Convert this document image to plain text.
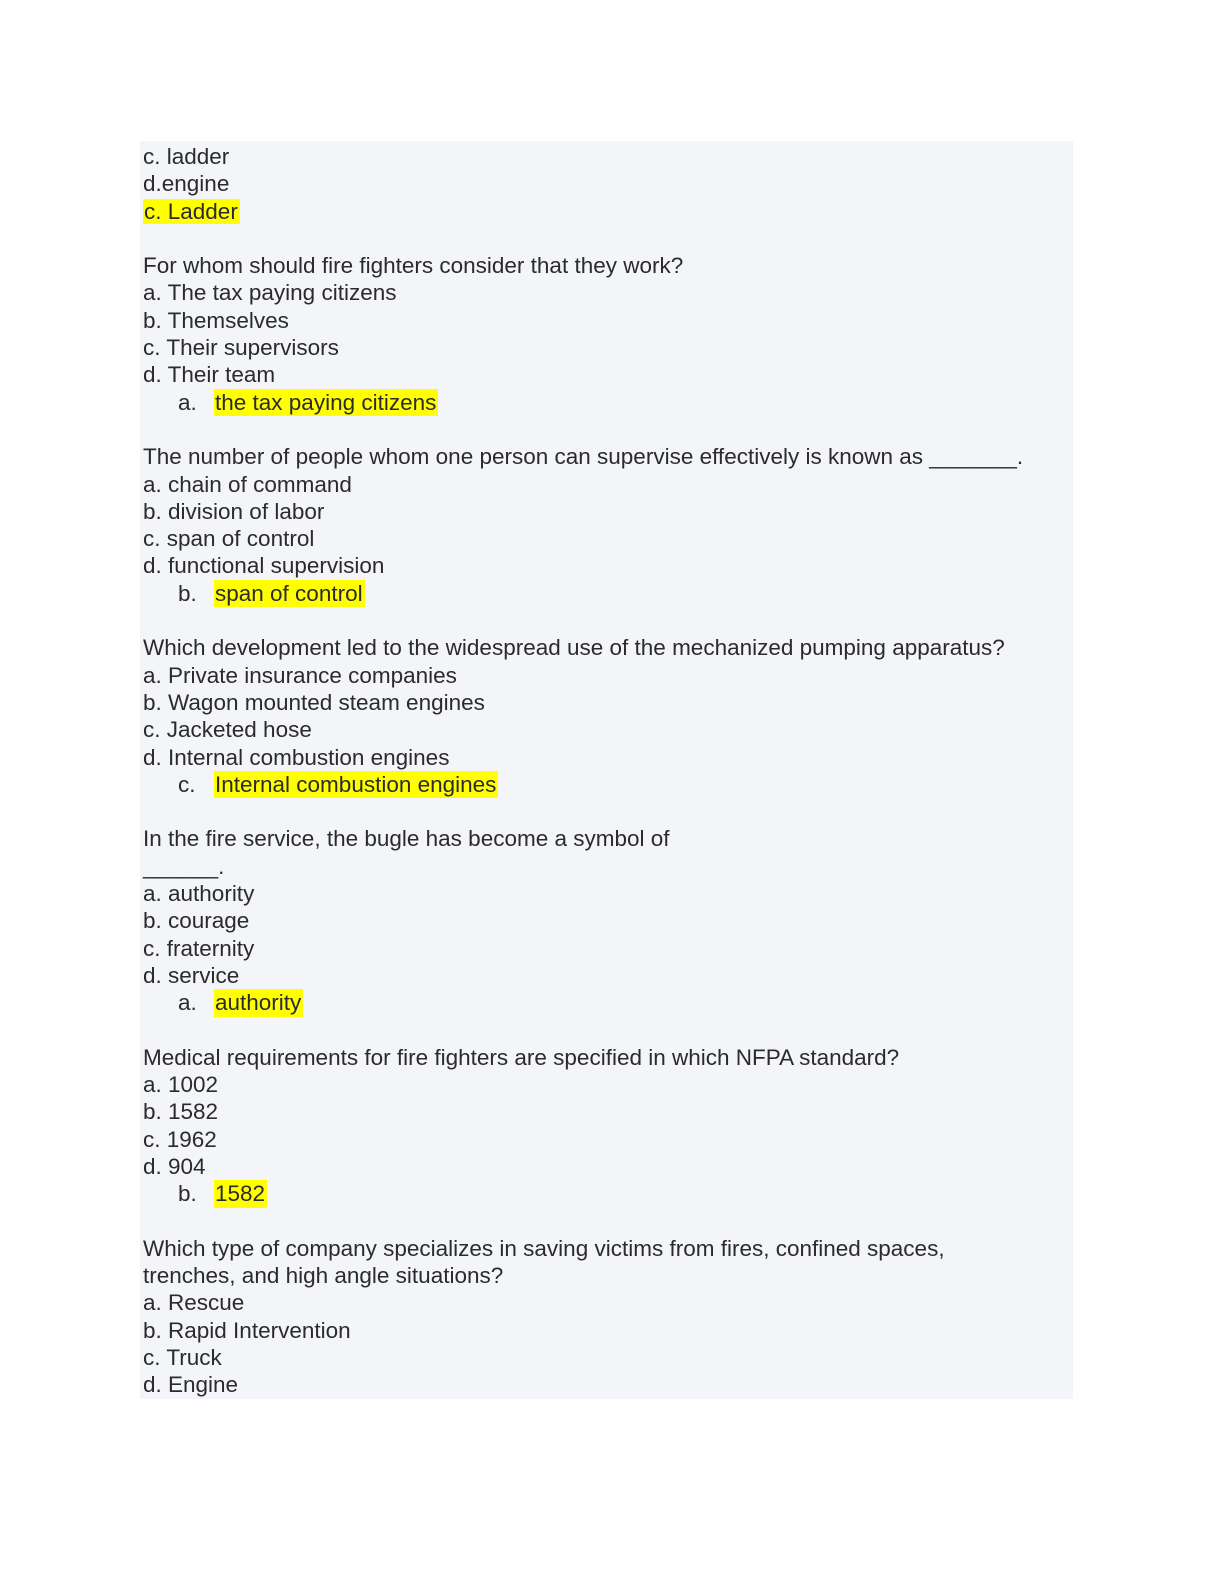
c. ladder
d.engine
c. Ladder
For whom should fire fighters consider that they work?
a. The tax paying citizens
b. Themselves
c. Their supervisors
d. Their team
a. the tax paying citizens
The number of people whom one person can supervise effectively is known as _______.
a. chain of command
b. division of labor
c. span of control
d. functional supervision
b. span of control
Which development led to the widespread use of the mechanized pumping apparatus?
a. Private insurance companies
b. Wagon mounted steam engines
c. Jacketed hose
d. Internal combustion engines
c. Internal combustion engines
In the fire service, the bugle has become a symbol of
______.
a. authority
b. courage
c. fraternity
d. service
a. authority
Medical requirements for fire fighters are specified in which NFPA standard?
a. 1002
b. 1582
c. 1962
d. 904
b. 1582
Which type of company specializes in saving victims from fires, confined spaces,
trenches, and high angle situations?
a. Rescue
b. Rapid Intervention
c. Truck
d. Engine
